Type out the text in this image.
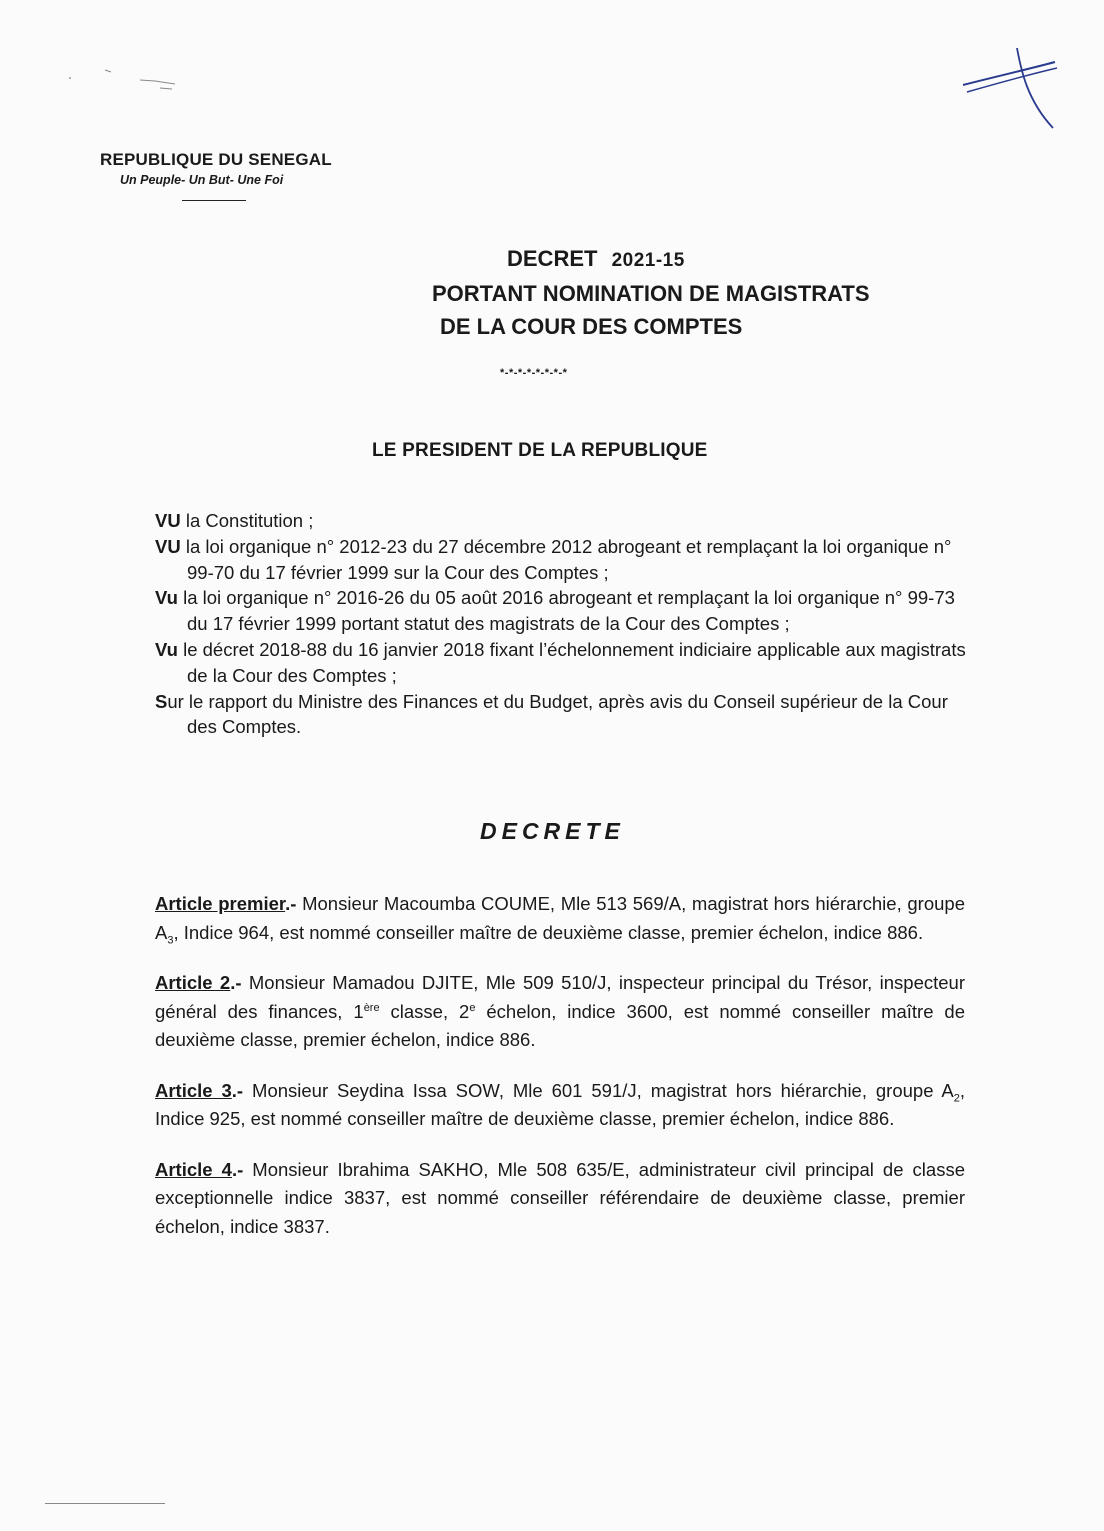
REPUBLIQUE DU SENEGAL

Un Peuple- Un But- Une Foi

DECRET 2021-15
PORTANT NOMINATION DE MAGISTRATS
DE LA COUR DES COMPTES
*-*-*-*-*-*-*-*
LE PRESIDENT DE LA REPUBLIQUE

VU la Constitution ;

VU la loi organique n° 2012-23 du 27 décembre 2012 abrogeant et remplaçant la loi organique n° 99-70 du 17 février 1999 sur la Cour des Comptes ;

Vu la loi organique n° 2016-26 du 05 août 2016 abrogeant et remplaçant la loi organique n° 99-73 du 17 février 1999 portant statut des magistrats de la Cour des Comptes ;

Vu le décret 2018-88 du 16 janvier 2018 fixant l’échelonnement indiciaire applicable aux magistrats de la Cour des Comptes ;

Sur le rapport du Ministre des Finances et du Budget, après avis du Conseil supérieur de la Cour des Comptes.

DECRETE

Article premier.- Monsieur Macoumba COUME, Mle 513 569/A, magistrat hors hiérarchie, groupe $A_3$, Indice 964, est nommé conseiller maître de deuxième classe, premier échelon, indice 886.

Article 2.- Monsieur Mamadou DJITE, Mle 509 510/J, inspecteur principal du Trésor, inspecteur général des finances, 1ère classe, 2e échelon, indice 3600, est nommé conseiller maître de deuxième classe, premier échelon, indice 886.

Article 3.- Monsieur Seydina Issa SOW, Mle 601 591/J, magistrat hors hiérarchie, groupe $A_2$, Indice 925, est nommé conseiller maître de deuxième classe, premier échelon, indice 886.

Article 4.- Monsieur Ibrahima SAKHO, Mle 508 635/E, administrateur civil principal de classe exceptionnelle indice 3837, est nommé conseiller référendaire de deuxième classe, premier échelon, indice 3837.
